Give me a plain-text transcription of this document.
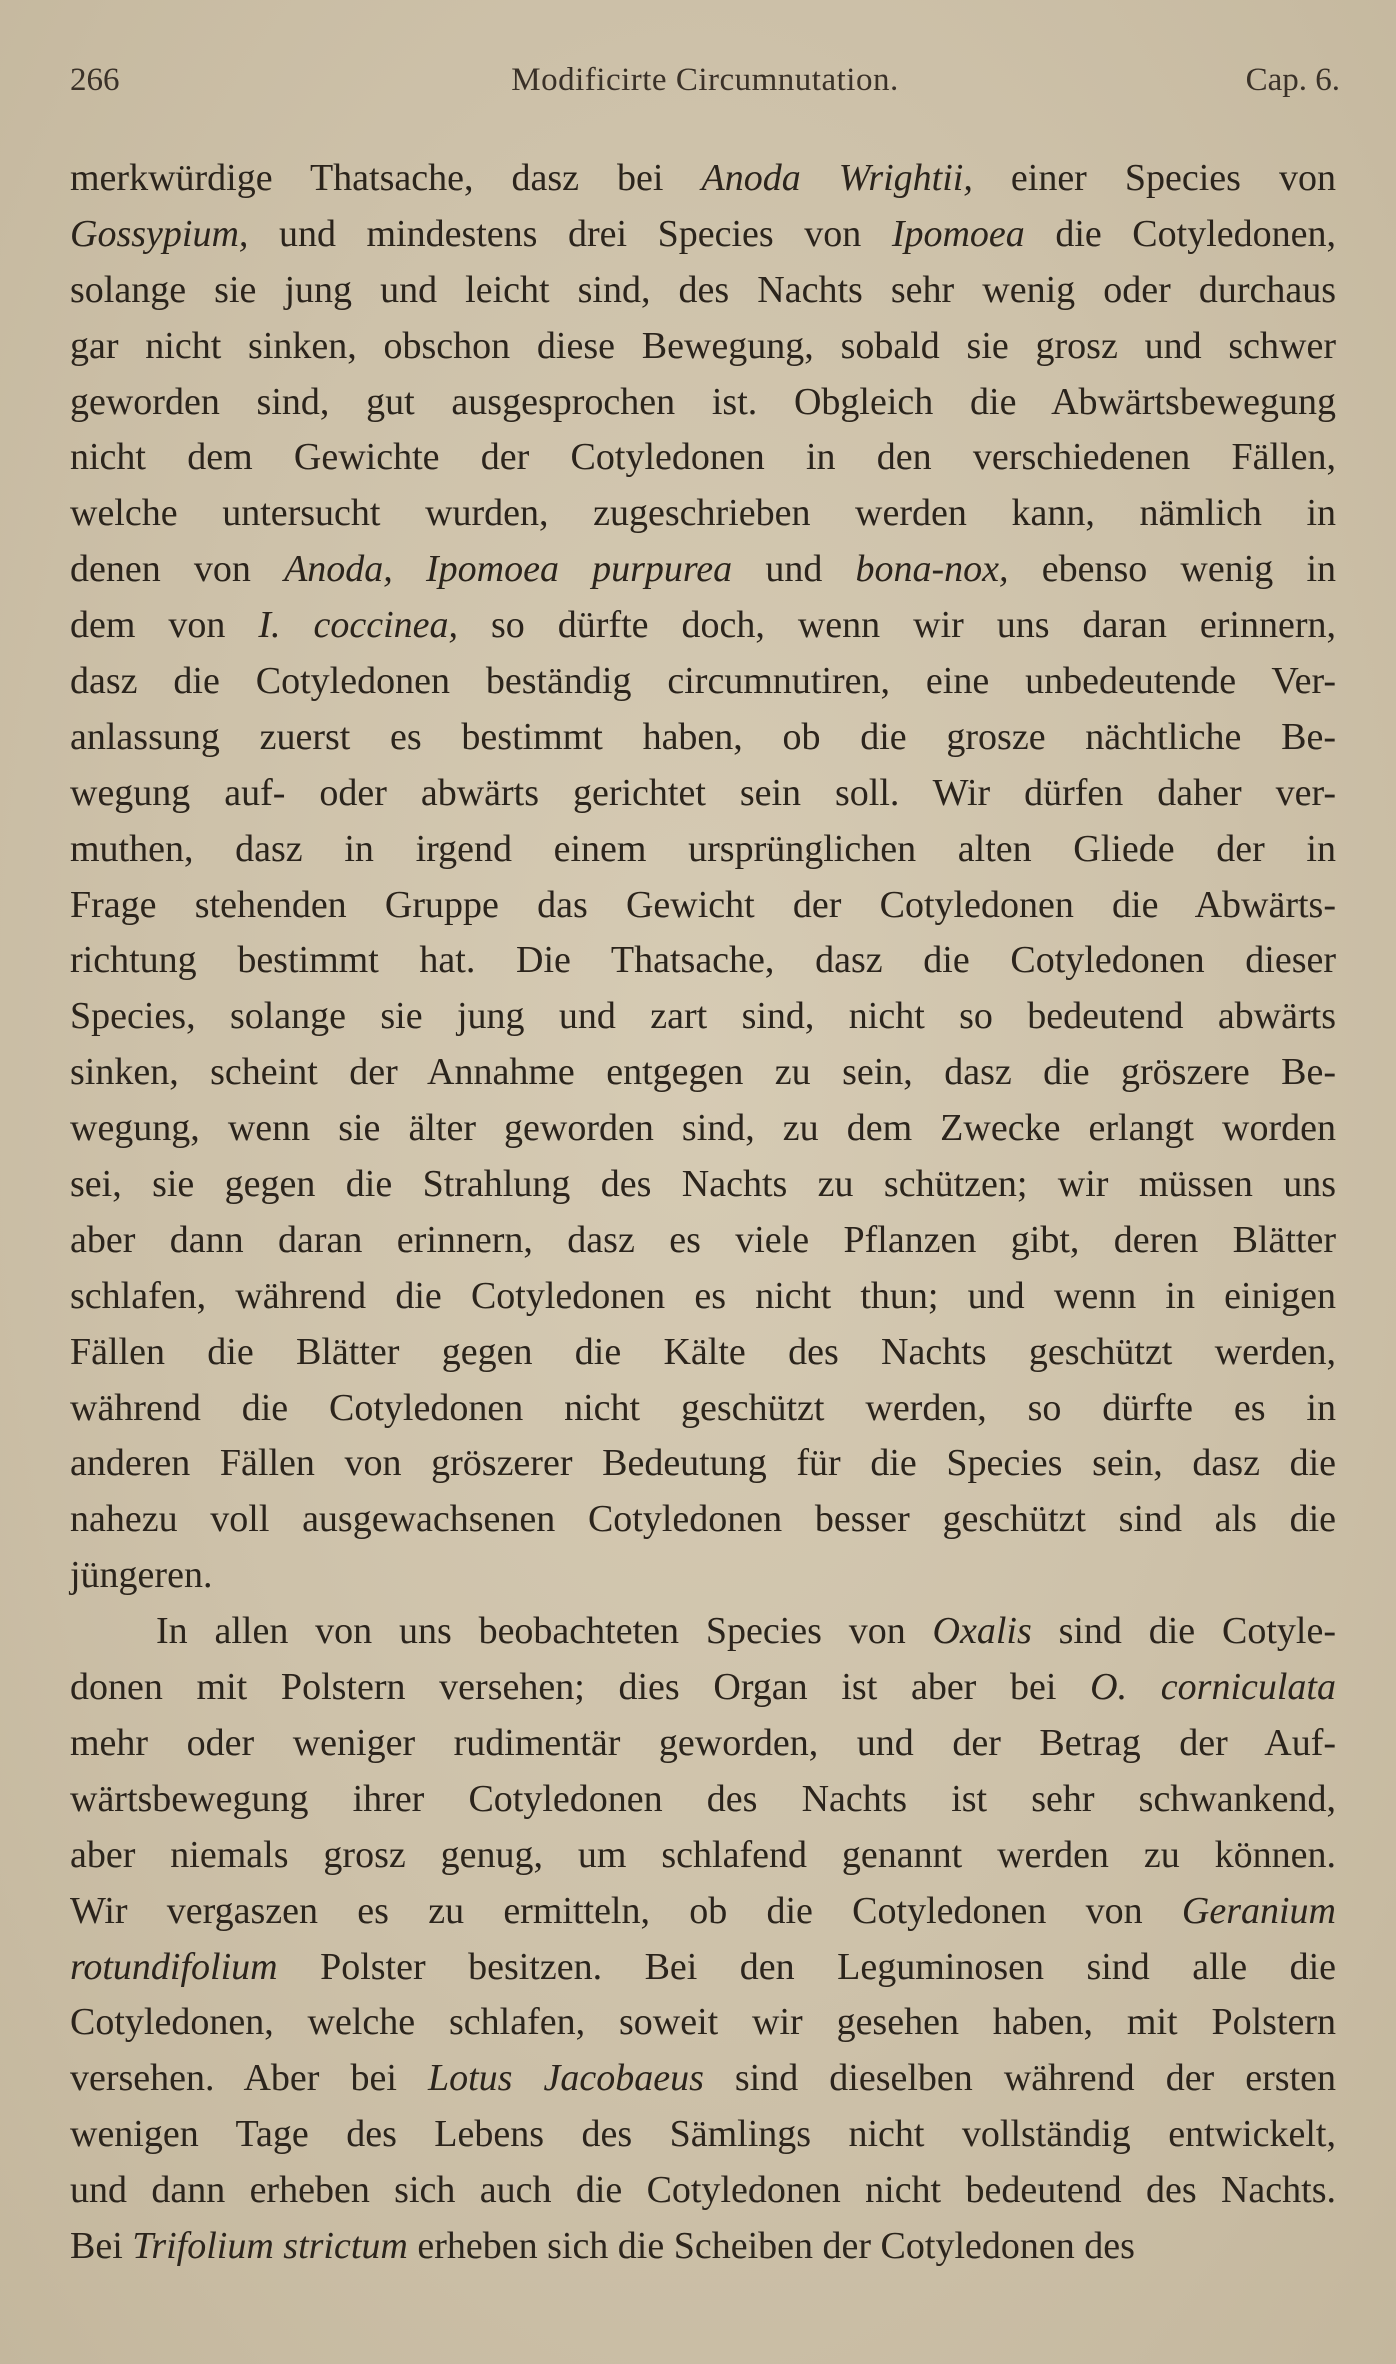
266	Modificirte Circumnutation.	Cap. 6.
merkwürdige Thatsache, dasz bei Anoda Wrightii, einer Species von
Gossypium, und mindestens drei Species von Ipomoea die Cotyledonen,
solange sie jung und leicht sind, des Nachts sehr wenig oder durchaus
gar nicht sinken, obschon diese Bewegung, sobald sie grosz und schwer
geworden sind, gut ausgesprochen ist. Obgleich die Abwärtsbewegung
nicht dem Gewichte der Cotyledonen in den verschiedenen Fällen,
welche untersucht wurden, zugeschrieben werden kann, nämlich in
denen von Anoda, Ipomoea purpurea und bona-nox, ebenso wenig in
dem von I. coccinea, so dürfte doch, wenn wir uns daran erinnern,
dasz die Cotyledonen beständig circumnutiren, eine unbedeutende Ver-
anlassung zuerst es bestimmt haben, ob die grosze nächtliche Be-
wegung auf- oder abwärts gerichtet sein soll. Wir dürfen daher ver-
muthen, dasz in irgend einem ursprünglichen alten Gliede der in
Frage stehenden Gruppe das Gewicht der Cotyledonen die Abwärts-
richtung bestimmt hat. Die Thatsache, dasz die Cotyledonen dieser
Species, solange sie jung und zart sind, nicht so bedeutend abwärts
sinken, scheint der Annahme entgegen zu sein, dasz die gröszere Be-
wegung, wenn sie älter geworden sind, zu dem Zwecke erlangt worden
sei, sie gegen die Strahlung des Nachts zu schützen; wir müssen uns
aber dann daran erinnern, dasz es viele Pflanzen gibt, deren Blätter
schlafen, während die Cotyledonen es nicht thun; und wenn in einigen
Fällen die Blätter gegen die Kälte des Nachts geschützt werden,
während die Cotyledonen nicht geschützt werden, so dürfte es in
anderen Fällen von gröszerer Bedeutung für die Species sein, dasz die
nahezu voll ausgewachsenen Cotyledonen besser geschützt sind als die
jüngeren.
In allen von uns beobachteten Species von Oxalis sind die Cotyle-
donen mit Polstern versehen; dies Organ ist aber bei O. corniculata
mehr oder weniger rudimentär geworden, und der Betrag der Auf-
wärtsbewegung ihrer Cotyledonen des Nachts ist sehr schwankend,
aber niemals grosz genug, um schlafend genannt werden zu können.
Wir vergaszen es zu ermitteln, ob die Cotyledonen von Geranium
rotundifolium Polster besitzen. Bei den Leguminosen sind alle die
Cotyledonen, welche schlafen, soweit wir gesehen haben, mit Polstern
versehen. Aber bei Lotus Jacobaeus sind dieselben während der ersten
wenigen Tage des Lebens des Sämlings nicht vollständig entwickelt,
und dann erheben sich auch die Cotyledonen nicht bedeutend des Nachts.
Bei Trifolium strictum erheben sich die Scheiben der Cotyledonen des
